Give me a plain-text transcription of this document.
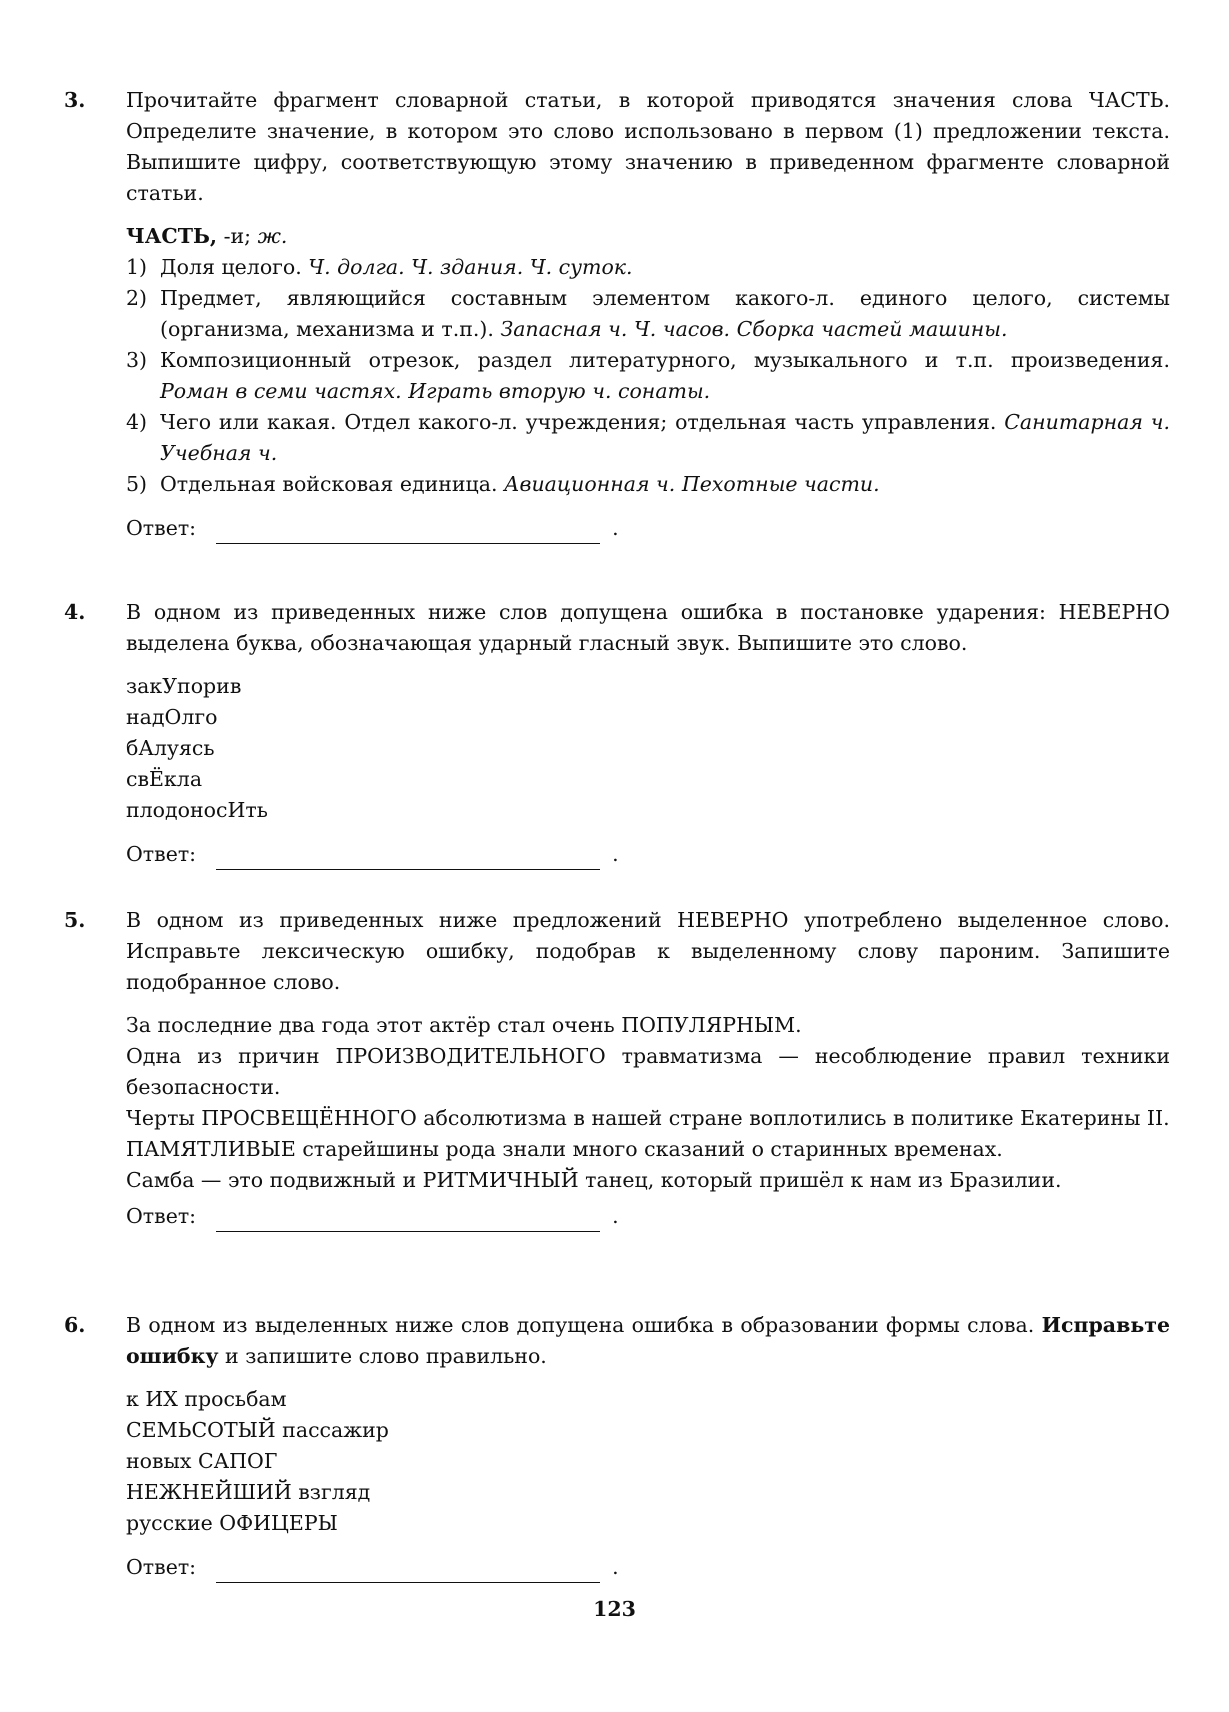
3. Прочитайте фрагмент словарной статьи, в которой приводятся значения слова ЧАСТЬ. Определите значение, в котором это слово использовано в первом (1) предложении текста. Выпишите цифру, соответствующую этому значению в приведенном фрагменте словарной статьи.

ЧАСТЬ, -и; ж.
1) Доля целого. Ч. долга. Ч. здания. Ч. суток.
2) Предмет, являющийся составным элементом какого-л. единого целого, системы (организма, механизма и т.п.). Запасная ч. Ч. часов. Сборка частей машины.
3) Композиционный отрезок, раздел литературного, музыкального и т.п. произведения. Роман в семи частях. Играть вторую ч. сонаты.
4) Чего или какая. Отдел какого-л. учреждения; отдельная часть управления. Санитарная ч. Учебная ч.
5) Отдельная войсковая единица. Авиационная ч. Пехотные части.
Ответ:	.
4. В одном из приведенных ниже слов допущена ошибка в постановке ударения: НЕВЕРНО выделена буква, обозначающая ударный гласный звук. Выпишите это слово.

закУпорив
надОлго
бАлуясь
свЁкла
плодоносИть
Ответ:	.
5. В одном из приведенных ниже предложений НЕВЕРНО употреблено выделенное слово. Исправьте лексическую ошибку, подобрав к выделенному слову пароним. Запишите подобранное слово.

За последние два года этот актёр стал очень ПОПУЛЯРНЫМ.

Одна из причин ПРОИЗВОДИТЕЛЬНОГО травматизма — несоблюдение правил техники безопасности.

Черты ПРОСВЕЩЁННОГО абсолютизма в нашей стране воплотились в политике Екатерины II.

ПАМЯТЛИВЫЕ старейшины рода знали много сказаний о старинных временах.

Самба — это подвижный и РИТМИЧНЫЙ танец, который пришёл к нам из Бразилии.

Ответ:	.
6. В одном из выделенных ниже слов допущена ошибка в образовании формы слова. Исправьте ошибку и запишите слово правильно.

к ИХ просьбам
СЕМЬСОТЫЙ пассажир
новых САПОГ
НЕЖНЕЙШИЙ взгляд
русские ОФИЦЕРЫ
Ответ:	.
123
